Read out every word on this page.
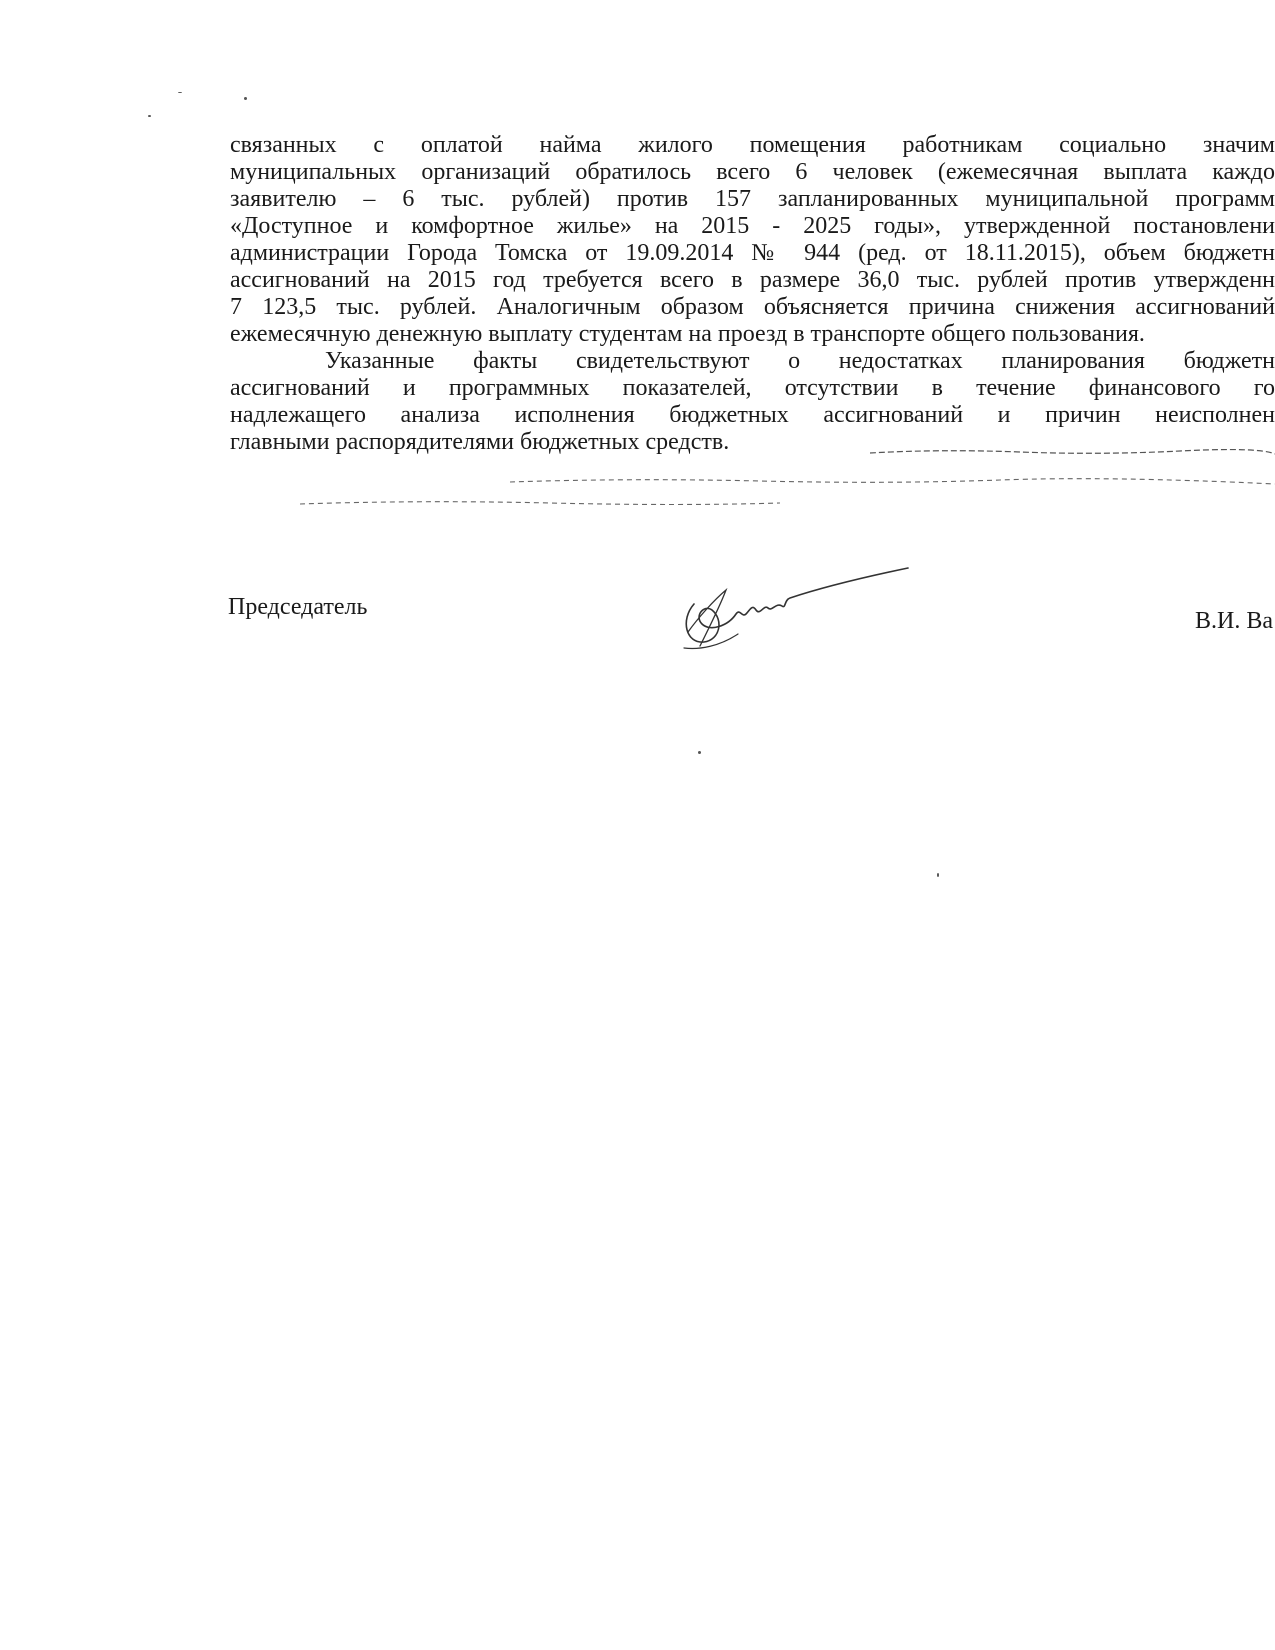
связанных с оплатой найма жилого помещения работникам социально значим
муниципальных организаций обратилось всего 6 человек (ежемесячная выплата каждо
заявителю – 6 тыс. рублей) против 157 запланированных муниципальной программ
«Доступное и комфортное жилье» на 2015 - 2025 годы», утвержденной постановлени
администрации Города Томска от 19.09.2014 № 944 (ред. от 18.11.2015), объем бюджетн
ассигнований на 2015 год требуется всего в размере 36,0 тыс. рублей против утвержденн
7 123,5 тыс. рублей. Аналогичным образом объясняется причина снижения ассигнований
ежемесячную денежную выплату студентам на проезд в транспорте общего пользования.
Указанные факты свидетельствуют о недостатках планирования бюджетн
ассигнований и программных показателей, отсутствии в течение финансового го
надлежащего анализа исполнения бюджетных ассигнований и причин неисполнен
главными распорядителями бюджетных средств.
Председатель
В.И. Ва
